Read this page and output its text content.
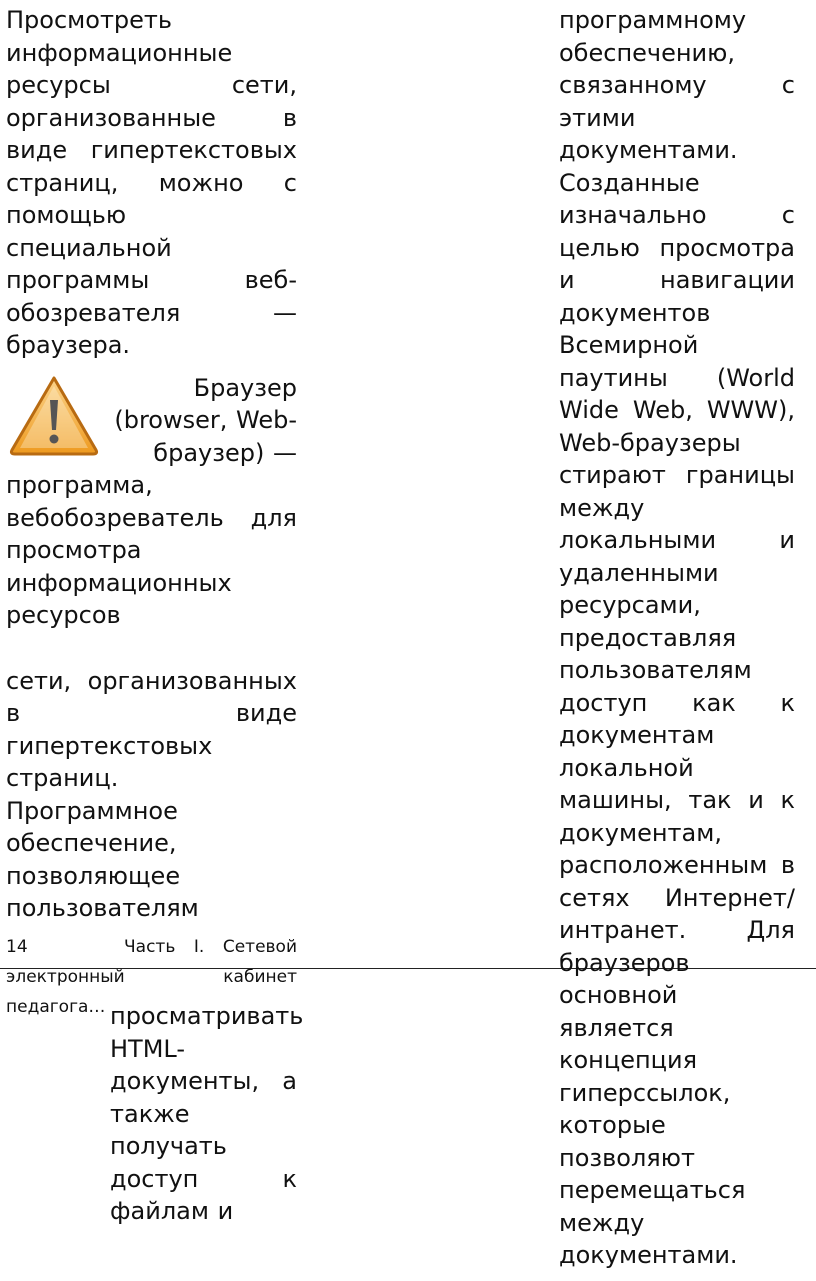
Просмотреть информационные ресурсы сети, организованные в виде гипертекстовых страниц, можно с помощью специальной программы веб-обозревателя — браузера.

Браузер (browser, Web-браузер) —

программа, вебобозреватель для просмотра информационных ресурсов

сети, организованных в виде гипертекстовых страниц. Программное обеспечение, позволяющее пользователям

14	Часть I. Сетевой электронный кабинет педагога…

программному обеспечению, связанному с этими документами. Созданные изначально с целью просмотра и навигации документов Всемирной паутины (World Wide Web, WWW), Web-браузеры стирают границы между локальными и удаленными ресурсами, предоставляя пользователям доступ как к документам локальной машины, так и к документам, расположенным в сетях Интернет/интранет. Для браузеров основной является концепция гиперссылок, которые позволяют перемещаться между документами.

просматривать HTML-документы, а также получать доступ к файлам и
